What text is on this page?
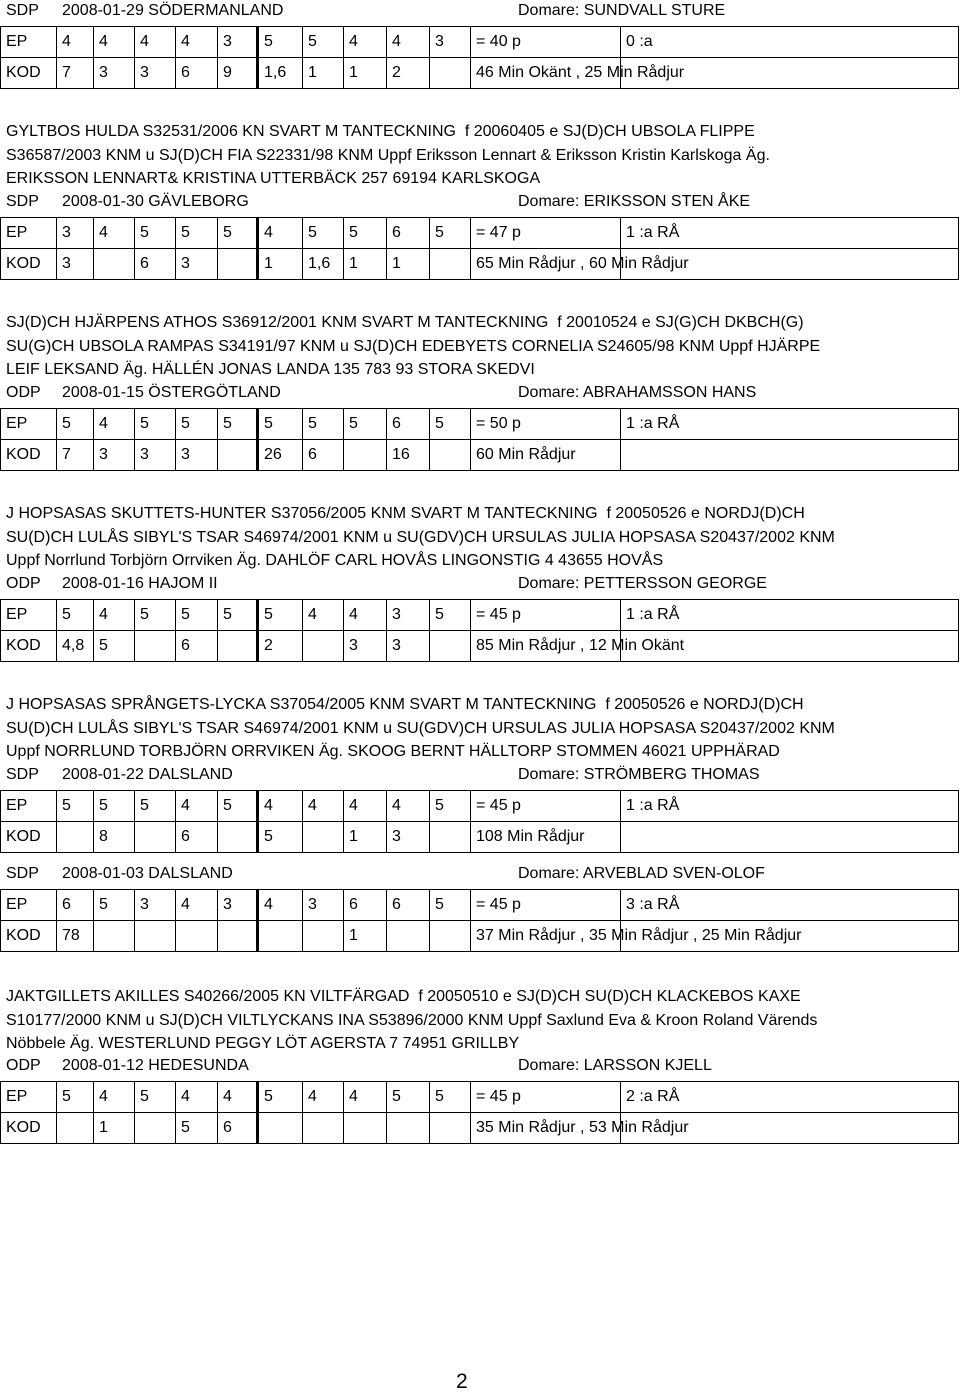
SDP 2008-01-29 SÖDERMANLAND	Domare: SUNDVALL STURE
EP	4	4	4	4	3	5	5	4	4	3	= 40 p	0 :a
KOD	7	3	3	6	9	1,6	1	1	2		46 Min Okänt , 25 Min Rådjur	
GYLTBOS HULDA S32531/2006 KN SVART M TANTECKNING  f 20060405 e SJ(D)CH UBSOLA FLIPPE
S36587/2003 KNM u SJ(D)CH FIA S22331/98 KNM Uppf Eriksson Lennart & Eriksson Kristin Karlskoga Äg.
ERIKSSON LENNART& KRISTINA UTTERBÄCK 257 69194 KARLSKOGA
SDP 2008-01-30 GÄVLEBORG	Domare: ERIKSSON STEN ÅKE
EP	3	4	5	5	5	4	5	5	6	5	= 47 p	1 :a RÅ
KOD	3		6	3		1	1,6	1	1		65 Min Rådjur , 60 Min Rådjur	
SJ(D)CH HJÄRPENS ATHOS S36912/2001 KNM SVART M TANTECKNING  f 20010524 e SJ(G)CH DKBCH(G)
SU(G)CH UBSOLA RAMPAS S34191/97 KNM u SJ(D)CH EDEBYETS CORNELIA S24605/98 KNM Uppf HJÄRPE
LEIF LEKSAND Äg. HÄLLÉN JONAS LANDA 135 783 93 STORA SKEDVI
ODP 2008-01-15 ÖSTERGÖTLAND	Domare: ABRAHAMSSON HANS
EP	5	4	5	5	5	5	5	5	6	5	= 50 p	1 :a RÅ
KOD	7	3	3	3		26	6		16		60 Min Rådjur	
J HOPSASAS SKUTTETS-HUNTER S37056/2005 KNM SVART M TANTECKNING  f 20050526 e NORDJ(D)CH
SU(D)CH LULÅS SIBYL'S TSAR S46974/2001 KNM u SU(GDV)CH URSULAS JULIA HOPSASA S20437/2002 KNM
Uppf Norrlund Torbjörn Orrviken Äg. DAHLÖF CARL HOVÅS LINGONSTIG 4 43655 HOVÅS
ODP 2008-01-16 HAJOM II	Domare: PETTERSSON GEORGE
EP	5	4	5	5	5	5	4	4	3	5	= 45 p	1 :a RÅ
KOD	4,8	5		6		2		3	3		85 Min Rådjur , 12 Min Okänt	
J HOPSASAS SPRÅNGETS-LYCKA S37054/2005 KNM SVART M TANTECKNING  f 20050526 e NORDJ(D)CH
SU(D)CH LULÅS SIBYL'S TSAR S46974/2001 KNM u SU(GDV)CH URSULAS JULIA HOPSASA S20437/2002 KNM
Uppf NORRLUND TORBJÖRN ORRVIKEN Äg. SKOOG BERNT HÄLLTORP STOMMEN 46021 UPPHÄRAD
SDP 2008-01-22 DALSLAND	Domare: STRÖMBERG THOMAS
EP	5	5	5	4	5	4	4	4	4	5	= 45 p	1 :a RÅ
KOD		8		6		5		1	3		108 Min Rådjur	
SDP 2008-01-03 DALSLAND	Domare: ARVEBLAD SVEN-OLOF
EP	6	5	3	4	3	4	3	6	6	5	= 45 p	3 :a RÅ
KOD	78							1			37 Min Rådjur , 35 Min Rådjur , 25 Min Rådjur	
JAKTGILLETS AKILLES S40266/2005 KN VILTFÄRGAD  f 20050510 e SJ(D)CH SU(D)CH KLACKEBOS KAXE
S10177/2000 KNM u SJ(D)CH VILTLYCKANS INA S53896/2000 KNM Uppf Saxlund Eva & Kroon Roland Värends
Nöbbele Äg. WESTERLUND PEGGY LÖT AGERSTA 7 74951 GRILLBY
ODP 2008-01-12 HEDESUNDA	Domare: LARSSON KJELL
EP	5	4	5	4	4	5	4	4	5	5	= 45 p	2 :a RÅ
KOD		1		5	6						35 Min Rådjur , 53 Min Rådjur	
2
